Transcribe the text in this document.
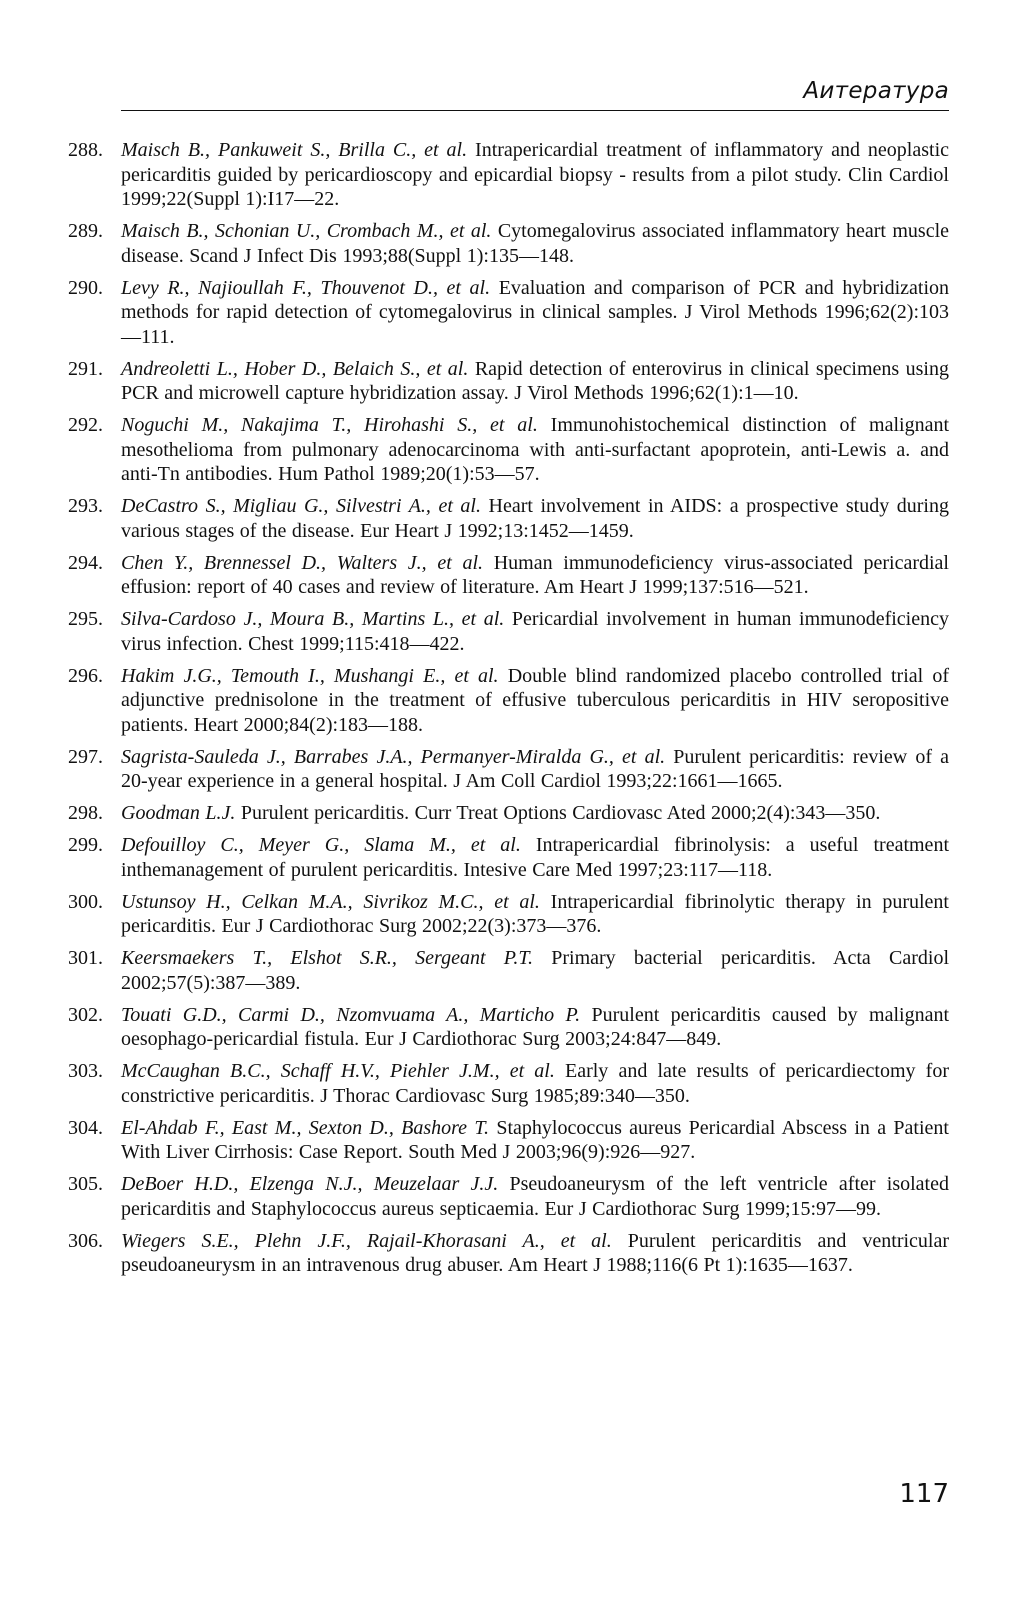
Аитература
288. Maisch B., Pankuweit S., Brilla C., et al. Intrapericardial treatment of inflammatory and neoplastic pericarditis guided by pericardioscopy and epicardial biopsy - results from a pilot study. Clin Cardiol 1999;22(Suppl 1):I17—22.
289. Maisch B., Schonian U., Crombach M., et al. Cytomegalovirus associated inflammatory heart muscle disease. Scand J Infect Dis 1993;88(Suppl 1):135—148.
290. Levy R., Najioullah F., Thouvenot D., et al. Evaluation and comparison of PCR and hybridization methods for rapid detection of cytomegalovirus in clinical samples. J Virol Methods 1996;62(2):103—111.
291. Andreoletti L., Hober D., Belaich S., et al. Rapid detection of enterovirus in clinical specimens using PCR and microwell capture hybridization assay. J Virol Methods 1996;62(1):1—10.
292. Noguchi M., Nakajima T., Hirohashi S., et al. Immunohistochemical distinction of malignant mesothelioma from pulmonary adenocarcinoma with anti-surfactant apoprotein, anti-Lewis a. and anti-Tn antibodies. Hum Pathol 1989;20(1):53—57.
293. DeCastro S., Migliau G., Silvestri A., et al. Heart involvement in AIDS: a prospective study during various stages of the disease. Eur Heart J 1992;13:1452—1459.
294. Chen Y., Brennessel D., Walters J., et al. Human immunodeficiency virus-associated pericardial effusion: report of 40 cases and review of literature. Am Heart J 1999;137:516—521.
295. Silva-Cardoso J., Moura B., Martins L., et al. Pericardial involvement in human immunodeficiency virus infection. Chest 1999;115:418—422.
296. Hakim J.G., Temouth I., Mushangi E., et al. Double blind randomized placebo controlled trial of adjunctive prednisolone in the treatment of effusive tuberculous pericarditis in HIV seropositive patients. Heart 2000;84(2):183—188.
297. Sagrista-Sauleda J., Barrabes J.A., Permanyer-Miralda G., et al. Purulent pericarditis: review of a 20-year experience in a general hospital. J Am Coll Cardiol 1993;22:1661—1665.
298. Goodman L.J. Purulent pericarditis. Curr Treat Options Cardiovasc Ated 2000;2(4):343—350.
299. Defouilloy C., Meyer G., Slama M., et al. Intrapericardial fibrinolysis: a useful treatment inthemanagement of purulent pericarditis. Intesive Care Med 1997;23:117—118.
300. Ustunsoy H., Celkan M.A., Sivrikoz M.C., et al. Intrapericardial fibrinolytic therapy in purulent pericarditis. Eur J Cardiothorac Surg 2002;22(3):373—376.
301. Keersmaekers T., Elshot S.R., Sergeant P.T. Primary bacterial pericarditis. Acta Cardiol 2002;57(5):387—389.
302. Touati G.D., Carmi D., Nzomvuama A., Marticho P. Purulent pericarditis caused by malignant oesophago-pericardial fistula. Eur J Cardiothorac Surg 2003;24:847—849.
303. McCaughan B.C., Schaff H.V., Piehler J.M., et al. Early and late results of pericardiectomy for constrictive pericarditis. J Thorac Cardiovasc Surg 1985;89:340—350.
304. El-Ahdab F., East M., Sexton D., Bashore T. Staphylococcus aureus Pericardial Abscess in a Patient With Liver Cirrhosis: Case Report. South Med J 2003;96(9):926—927.
305. DeBoer H.D., Elzenga N.J., Meuzelaar J.J. Pseudoaneurysm of the left ventricle after isolated pericarditis and Staphylococcus aureus septicaemia. Eur J Cardiothorac Surg 1999;15:97—99.
306. Wiegers S.E., Plehn J.F., Rajail-Khorasani A., et al. Purulent pericarditis and ventricular pseudoaneurysm in an intravenous drug abuser. Am Heart J 1988;116(6 Pt 1):1635—1637.
117
